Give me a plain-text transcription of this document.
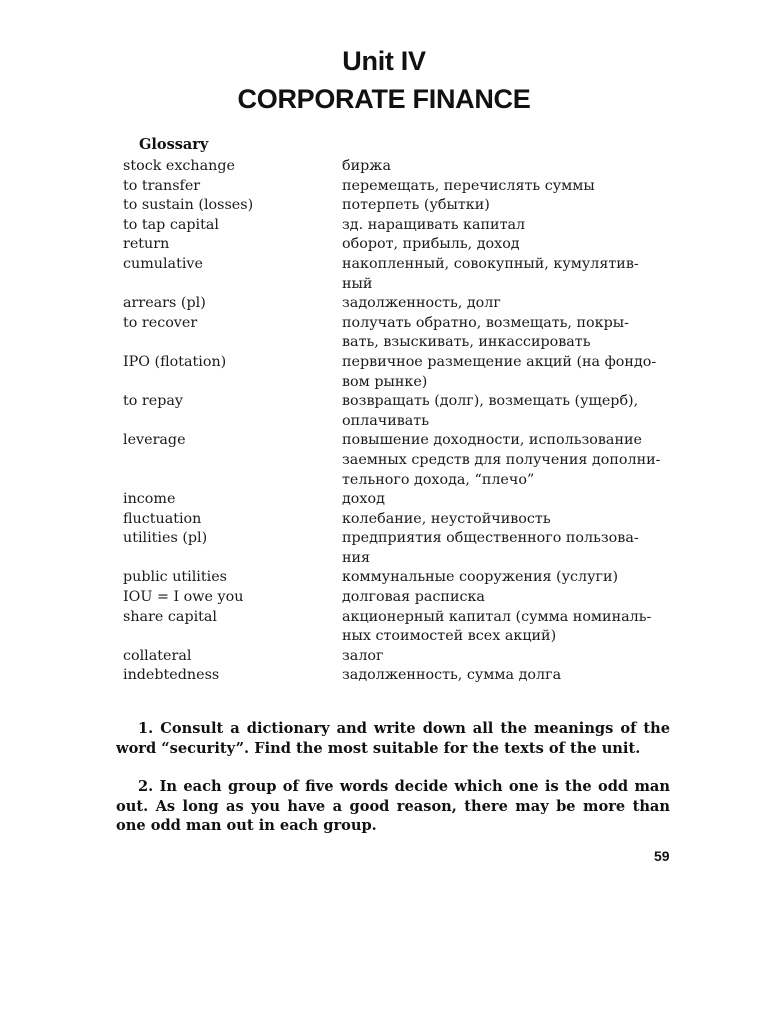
Unit IV
CORPORATE FINANCE
Glossary
stock exchange	биржа
to transfer	перемещать, перечислять суммы
to sustain (losses)	потерпеть (убытки)
to tap capital	зд. наращивать капитал
return	оборот, прибыль, доход
cumulative	накопленный, совокупный, кумулятив-
ный
arrears (pl)	задолженность, долг
to recover	получать обратно, возмещать, покры-
вать, взыскивать, инкассировать
IPO (flotation)	первичное размещение акций (на фондо-
вом рынке)
to repay	возвращать (долг), возмещать (ущерб),
оплачивать
leverage	повышение доходности, использование
заемных средств для получения дополни-
тельного дохода, “плечо”
income	доход
fluctuation	колебание, неустойчивость
utilities (pl)	предприятия общественного пользова-
ния
public utilities	коммунальные сооружения (услуги)
IOU = I owe you	долговая расписка
share capital	акционерный капитал (сумма номиналь-
ных стоимостей всех акций)
collateral	залог
indebtedness	задолженность, сумма долга
1. Consult a dictionary and write down all the meanings of the word “security”. Find the most suitable for the texts of the unit.
2. In each group of five words decide which one is the odd man out. As long as you have a good reason, there may be more than one odd man out in each group.
59
